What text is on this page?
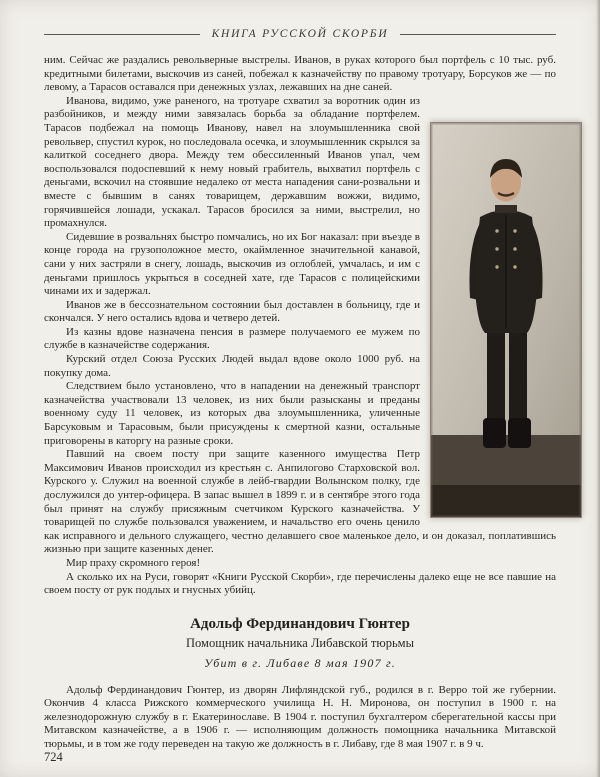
КНИГА РУССКОЙ СКОРБИ

ним. Сейчас же раздались револьверные выстрелы. Иванов, в руках которого был портфель с 10 тыс. руб. кредитными билетами, выскочив из саней, побежал к казначейству по правому тротуару, Борсуков же — по левому, а Тарасов оставался при денежных узлах, лежавших на дне саней.

Иванова, видимо, уже раненого, на тротуаре схватил за воротник один из разбойников, и между ними завязалась борьба за обладание портфелем. Тарасов подбежал на помощь Иванову, навел на злоумышленника свой револьвер, спустил курок, но последовала осечка, и злоумышленник скрылся за калиткой соседнего двора. Между тем обессиленный Иванов упал, чем воспользовался подоспевший к нему новый грабитель, выхватил портфель с деньгами, вскочил на стоявшие недалеко от места нападения сани-розвальни и вместе с бывшим в санях товарищем, державшим вожжи, видимо, горячившейся лошади, ускакал. Тарасов бросился за ними, выстрелил, но промахнулся.

Сидевшие в розвальнях быстро помчались, но их Бог наказал: при въезде в конце города на грузоположное место, окаймленное значительной канавой, сани у них застряли в снегу, лошадь, выскочив из оглоблей, умчалась, и им с деньгами пришлось укрыться в соседней хате, где Тарасов с полицейскими чинами их и задержал.

Иванов же в бессознательном состоянии был доставлен в больницу, где и скончался. У него остались вдова и четверо детей.

Из казны вдове назначена пенсия в размере получаемого ее мужем по службе в казначействе содержания.

Курский отдел Союза Русских Людей выдал вдове около 1000 руб. на покупку дома.

Следствием было установлено, что в нападении на денежный транспорт казначейства участвовали 13 человек, из них были разысканы и преданы военному суду 11 человек, из которых два злоумышленника, уличенные Барсуковым и Тарасовым, были присуждены к смертной казни, остальные приговорены в каторгу на разные сроки.

Павший на своем посту при защите казенного имущества Петр Максимович Иванов происходил из крестьян с. Анпилогово Старховской вол. Курского у. Служил на военной службе в лейб-гвардии Волынском полку, где дослужился до унтер-офицера. В запас вышел в 1899 г. и в сентябре этого года был принят на службу присяжным счетчиком Курского казначейства. У товарищей по службе пользовался уважением, и начальство его очень ценило как исправного и дельного служащего, честно делавшего свое маленькое дело, и он доказал, поплатившись жизнью при защите казенных денег.

Мир праху скромного героя!

А сколько их на Руси, говорят «Книги Русской Скорби», где перечислены далеко еще не все павшие на своем посту от рук подлых и гнусных убийц.

Адольф Фердинандович Гюнтер
Помощник начальника Либавской тюрьмы
Убит в г. Либаве 8 мая 1907 г.

Адольф Фердинандович Гюнтер, из дворян Лифляндской губ., родился в г. Верро той же губернии. Окончив 4 класса Рижского коммерческого училища Н. Н. Миронова, он поступил в 1900 г. на железнодорожную службу в г. Екатеринославе. В 1904 г. поступил бухгалтером сберегательной кассы при Митавском казначействе, а в 1906 г. — исполняющим должность помощника начальника Митавской тюрьмы, и в том же году переведен на такую же должность в г. Либаву, где 8 мая 1907 г. в 9 ч.

724
